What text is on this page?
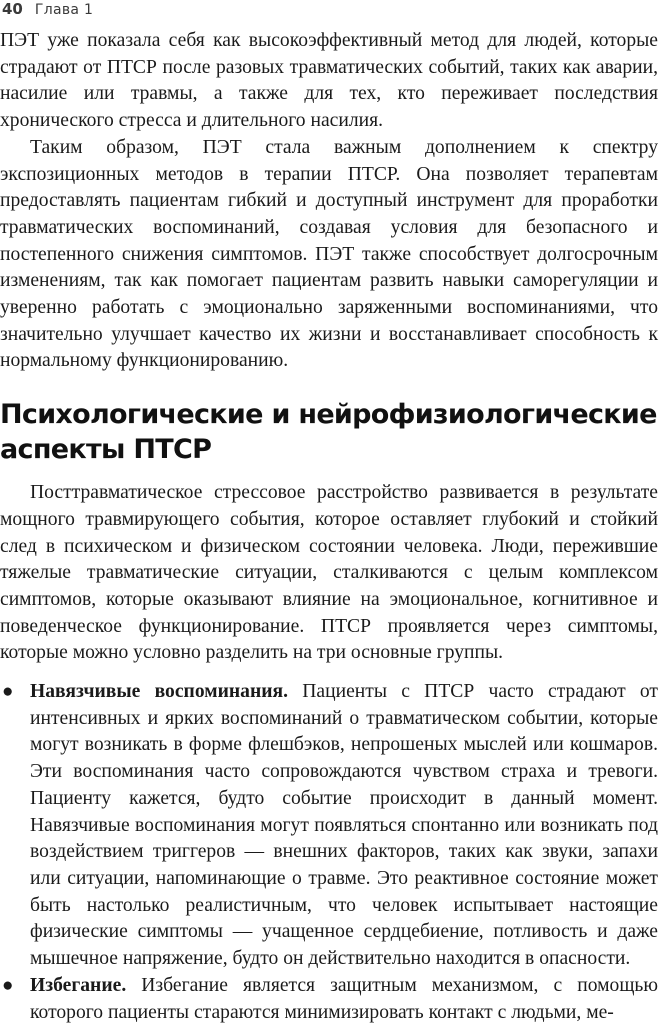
40 Глава 1

ПЭТ уже показала себя как высокоэффективный метод для людей, которые страдают от ПТСР после разовых травматических событий, таких как аварии, насилие или травмы, а также для тех, кто переживает последствия хронического стресса и длительного насилия.

Таким образом, ПЭТ стала важным дополнением к спектру экспозиционных методов в терапии ПТСР. Она позволяет терапевтам предоставлять пациентам гибкий и доступный инструмент для проработки травматических воспоминаний, создавая условия для безопасного и постепенного снижения симптомов. ПЭТ также способствует долгосрочным изменениям, так как помогает пациентам развить навыки саморегуляции и уверенно работать с эмоционально заряженными воспоминаниями, что значительно улучшает качество их жизни и восстанавливает способность к нормальному функционированию.

Психологические и нейрофизиологические аспекты ПТСР

Посттравматическое стрессовое расстройство развивается в результате мощного травмирующего события, которое оставляет глубокий и стойкий след в психическом и физическом состоянии человека. Люди, пережившие тяжелые травматические ситуации, сталкиваются с целым комплексом симптомов, которые оказывают влияние на эмоциональное, когнитивное и поведенческое функционирование. ПТСР проявляется через симптомы, которые можно условно разделить на три основные группы.

● Навязчивые воспоминания. Пациенты с ПТСР часто страдают от интенсивных и ярких воспоминаний о травматическом событии, которые могут возникать в форме флешбэков, непрошеных мыслей или кошмаров. Эти воспоминания часто сопровождаются чувством страха и тревоги. Пациенту кажется, будто событие происходит в данный момент. Навязчивые воспоминания могут появляться спонтанно или возникать под воздействием триггеров — внешних факторов, таких как звуки, запахи или ситуации, напоминающие о травме. Это реактивное состояние может быть настолько реалистичным, что человек испытывает настоящие физические симптомы — учащенное сердцебиение, потливость и даже мышечное напряжение, будто он действительно находится в опасности.

● Избегание. Избегание является защитным механизмом, с помощью которого пациенты стараются минимизировать контакт с людьми, ме-
